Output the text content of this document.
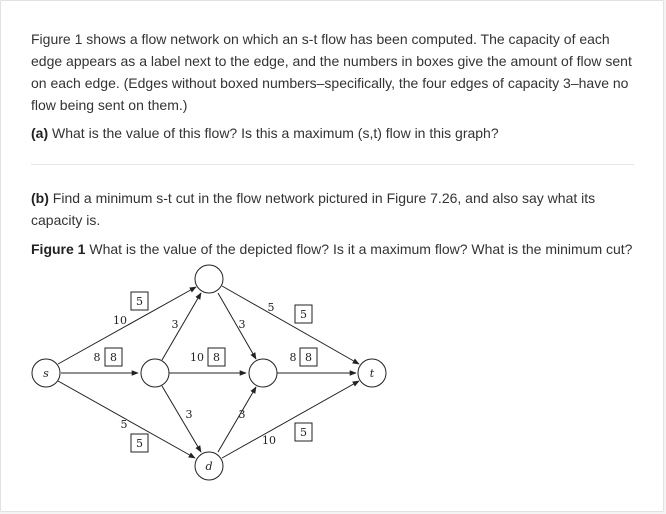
Figure 1 shows a flow network on which an s-t flow has been computed. The capacity of each edge appears as a label next to the edge, and the numbers in boxes give the amount of flow sent on each edge. (Edges without boxed numbers–specifically, the four edges of capacity 3–have no flow being sent on them.)

(a) What is the value of this flow? Is this a maximum (s,t) flow in this graph?

(b) Find a minimum s-t cut in the flow network pictured in Figure 7.26, and also say what its capacity is.

Figure 1 What is the value of the depicted flow? Is it a maximum flow? What is the minimum cut?

s	t
d
5
8	8	8
5
5
5
10
8
5
3
10
3
3
3
5
8
10
